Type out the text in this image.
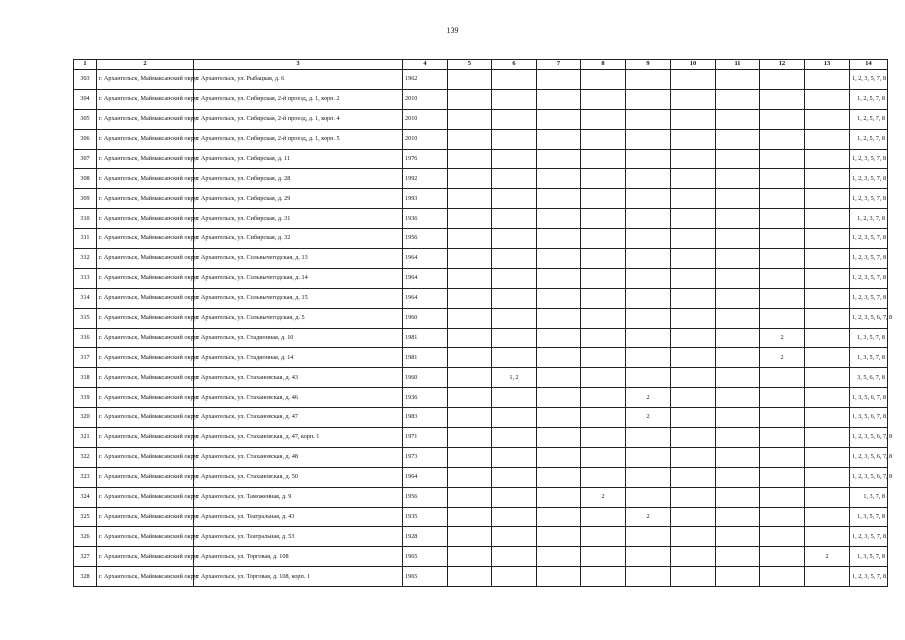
139
1	2	3	4	5	6	7	8	9	10	11	12	13	14
303	г. Архангельск, Маймаксанский округ	г. Архангельск, ул. Рыбацкая, д. 6	1962										1, 2, 3, 5, 7, 8
304	г. Архангельск, Маймаксанский округ	г. Архангельск, ул. Сибирская, 2-й проезд, д. 1, корп. 2	2010										1, 2, 5, 7, 8
305	г. Архангельск, Маймаксанский округ	г. Архангельск, ул. Сибирская, 2-й проезд, д. 1, корп. 4	2010										1, 2, 5, 7, 8
306	г. Архангельск, Маймаксанский округ	г. Архангельск, ул. Сибирская, 2-й проезд, д. 1, корп. 5	2010										1, 2, 5, 7, 8
307	г. Архангельск, Маймаксанский округ	г. Архангельск, ул. Сибирская, д. 11	1976										1, 2, 3, 5, 7, 8
308	г. Архангельск, Маймаксанский округ	г. Архангельск, ул. Сибирская, д. 28	1992										1, 2, 3, 5, 7, 8
309	г. Архангельск, Маймаксанский округ	г. Архангельск, ул. Сибирская, д. 29	1993										1, 2, 3, 5, 7, 8
310	г. Архангельск, Маймаксанский округ	г. Архангельск, ул. Сибирская, д. 31	1936										1, 2, 3, 7, 8
311	г. Архангельск, Маймаксанский округ	г. Архангельск, ул. Сибирская, д. 32	1956										1, 2, 3, 5, 7, 8
312	г. Архангельск, Маймаксанский округ	г. Архангельск, ул. Сольвычегодская, д. 13	1964										1, 2, 3, 5, 7, 8
313	г. Архангельск, Маймаксанский округ	г. Архангельск, ул. Сольвычегодская, д. 14	1964										1, 2, 3, 5, 7, 8
314	г. Архангельск, Маймаксанский округ	г. Архангельск, ул. Сольвычегодская, д. 15	1964										1, 2, 3, 5, 7, 8
315	г. Архангельск, Маймаксанский округ	г. Архангельск, ул. Сольвычегодская, д. 5	1960										1, 2, 3, 5, 6, 7, 8
316	г. Архангельск, Маймаксанский округ	г. Архангельск, ул. Стадионная, д. 10	1981								2		1, 3, 5, 7, 8
317	г. Архангельск, Маймаксанский округ	г. Архангельск, ул. Стадионная, д. 14	1981								2		1, 3, 5, 7, 8
318	г. Архангельск, Маймаксанский округ	г. Архангельск, ул. Стахановская, д. 43	1960		1, 2								3, 5, 6, 7, 8
319	г. Архангельск, Маймаксанский округ	г. Архангельск, ул. Стахановская, д. 46	1936					2					1, 3, 5, 6, 7, 8
320	г. Архангельск, Маймаксанский округ	г. Архангельск, ул. Стахановская, д. 47	1983					2					1, 3, 5, 6, 7, 8
321	г. Архангельск, Маймаксанский округ	г. Архангельск, ул. Стахановская, д. 47, корп. 1	1971										1, 2, 3, 5, 6, 7, 8
322	г. Архангельск, Маймаксанский округ	г. Архангельск, ул. Стахановская, д. 48	1973										1, 2, 3, 5, 6, 7, 8
323	г. Архангельск, Маймаксанский округ	г. Архангельск, ул. Стахановская, д. 50	1964										1, 2, 3, 5, 6, 7, 8
324	г. Архангельск, Маймаксанский округ	г. Архангельск, ул. Таможенная, д. 9	1956				2						1, 3, 7, 8
325	г. Архангельск, Маймаксанский округ	г. Архангельск, ул. Театральная, д. 43	1935					2					1, 3, 5, 7, 8
326	г. Архангельск, Маймаксанский округ	г. Архангельск, ул. Театральная, д. 53	1928										1, 2, 3, 5, 7, 8
327	г. Архангельск, Маймаксанский округ	г. Архангельск, ул. Торговая, д. 108	1965									2	1, 3, 5, 7, 8
328	г. Архангельск, Маймаксанский округ	г. Архангельск, ул. Торговая, д. 108, корп. 1	1965										1, 2, 3, 5, 7, 8
